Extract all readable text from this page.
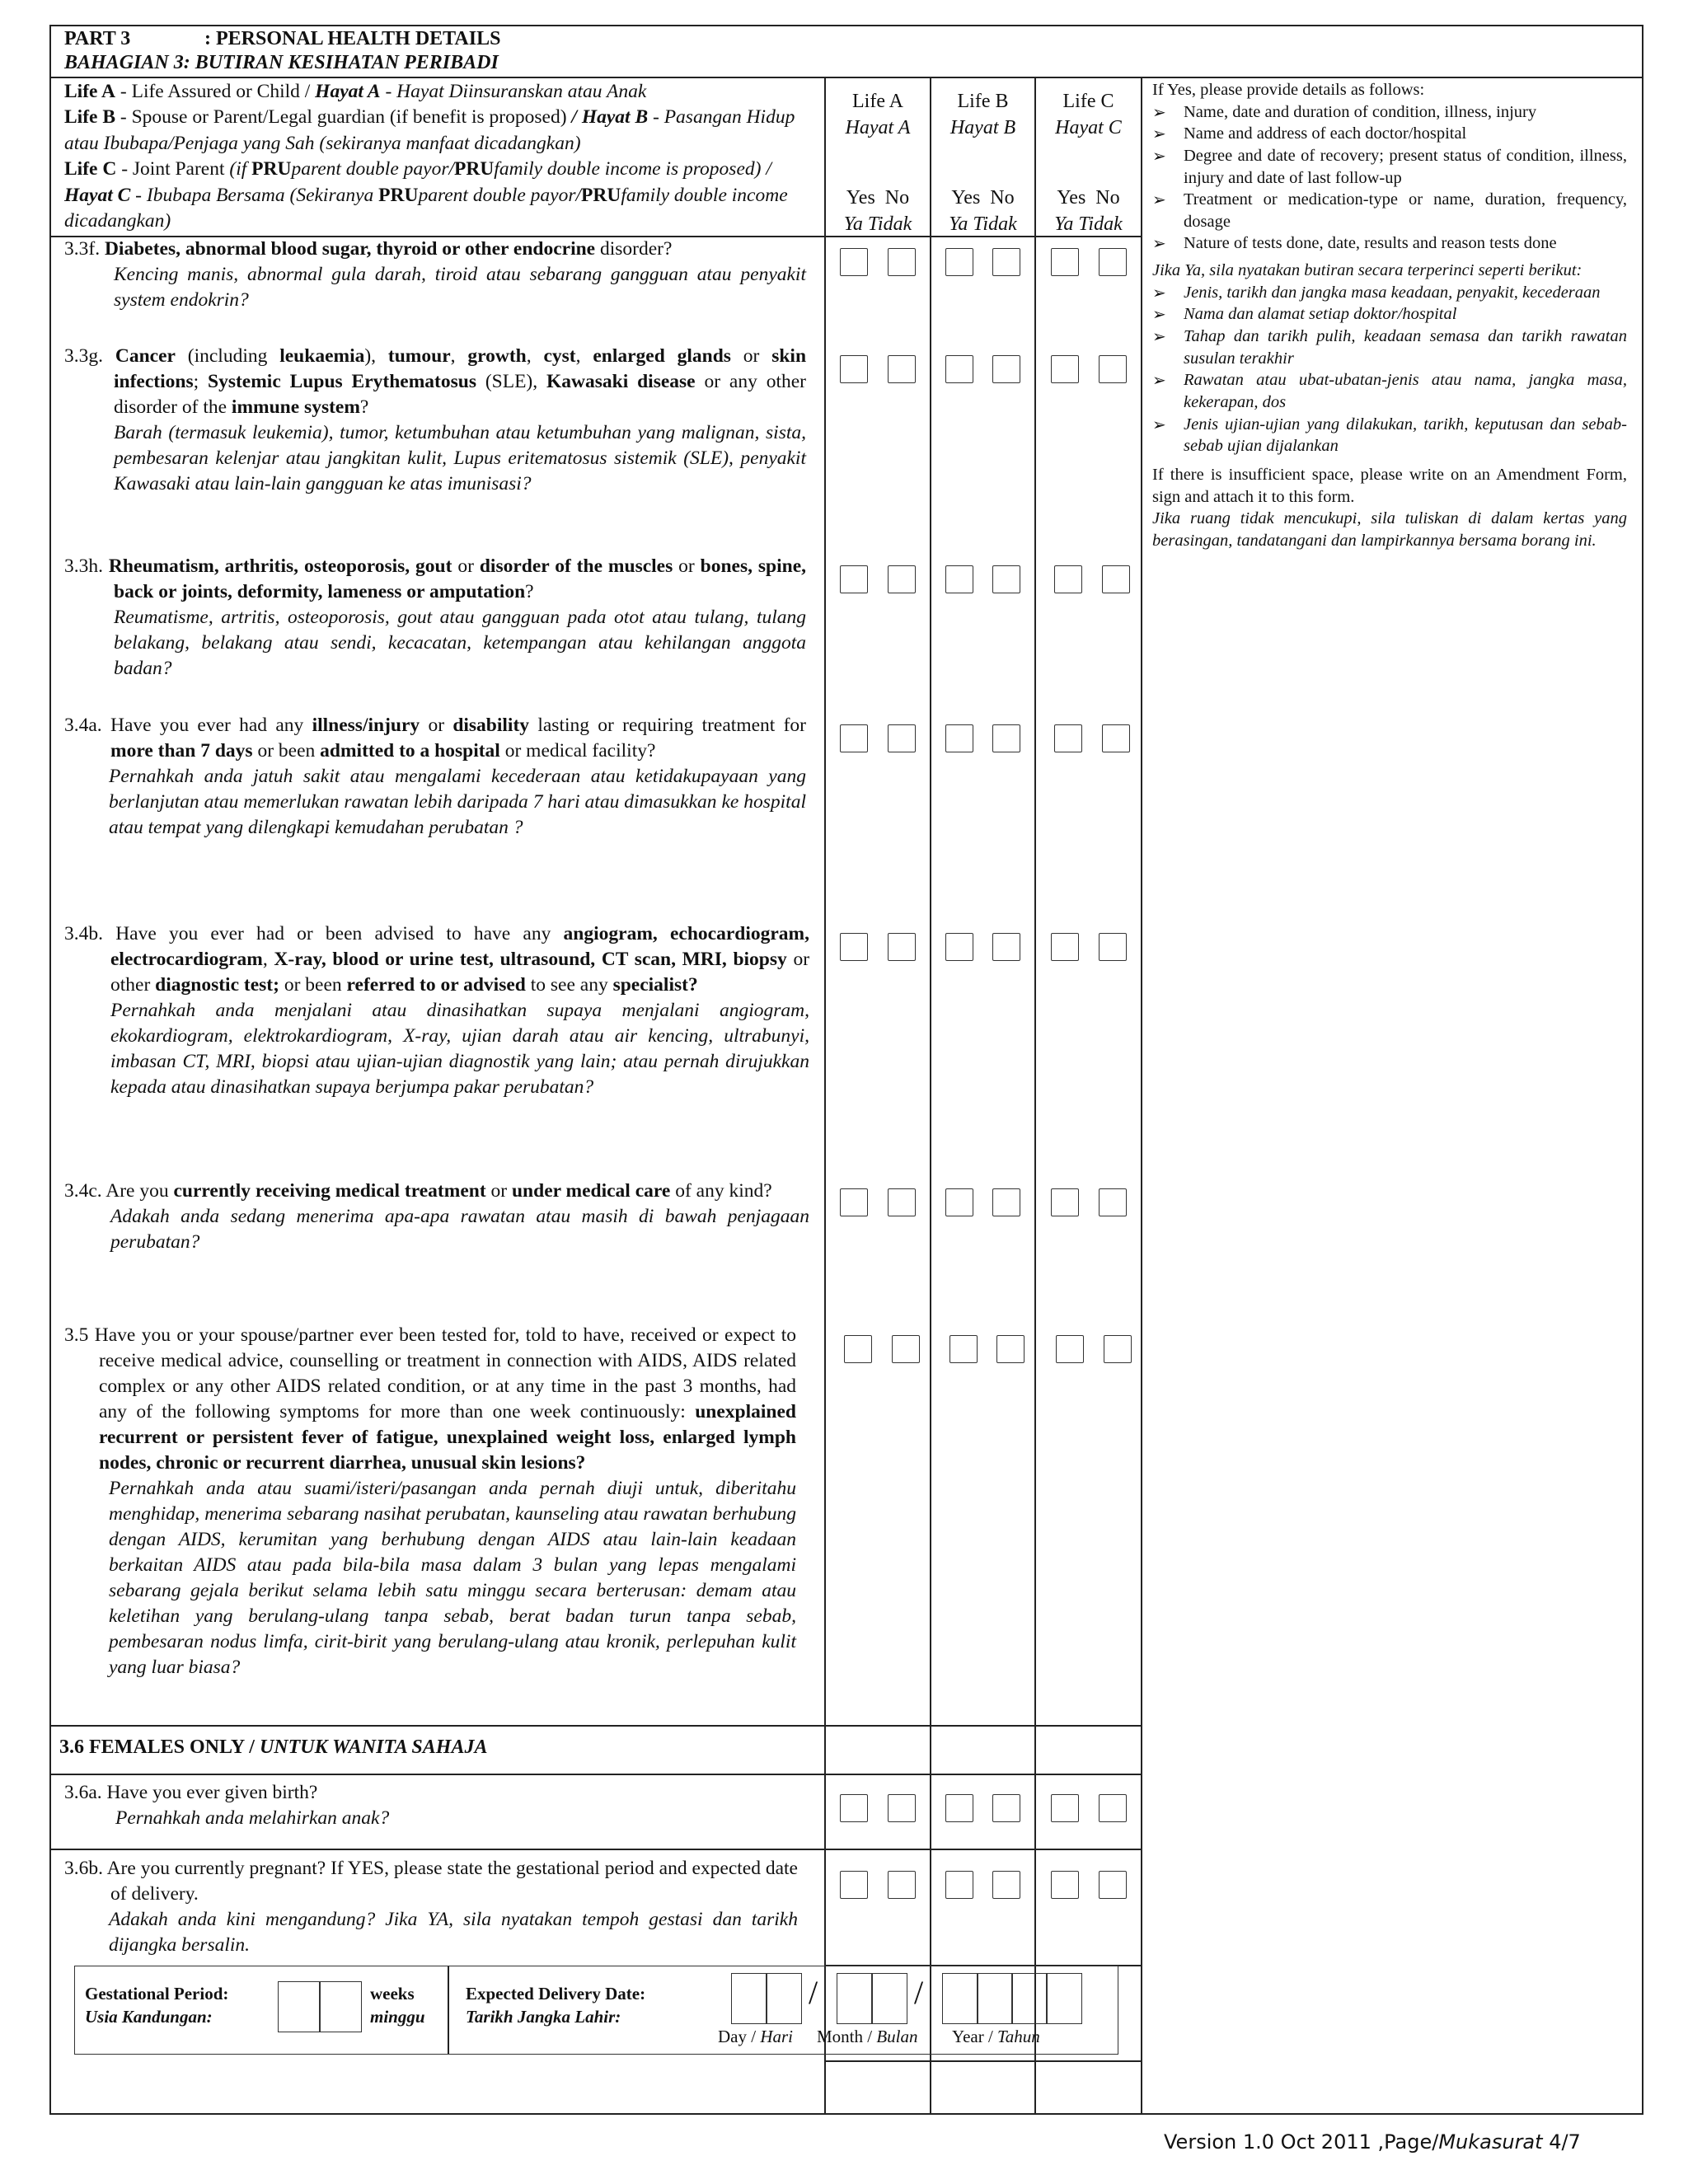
PART 3	: PERSONAL HEALTH DETAILS
BAHAGIAN 3: BUTIRAN KESIHATAN PERIBADI
Life A - Life Assured or Child / Hayat A - Hayat Diinsuranskan atau Anak
Life B - Spouse or Parent/Legal guardian (if benefit is proposed) / Hayat B - Pasangan Hidup atau Ibubapa/Penjaga yang Sah (sekiranya manfaat dicadangkan)
Life C - Joint Parent (if PRUparent double payor/PRUfamily double income is proposed) / Hayat C - Ibubapa Bersama (Sekiranya PRUparent double payor/PRUfamily double income dicadangkan)
Life A
Hayat A
Life B
Hayat B
Life C
Hayat C
Yes No
Ya Tidak
Yes No
Ya Tidak
Yes No
Ya Tidak
If Yes, please provide details as follows:
➢ Name, date and duration of condition, illness, injury
➢ Name and address of each doctor/hospital
➢ Degree and date of recovery; present status of condition, illness, injury and date of last follow-up
➢ Treatment or medication-type or name, duration, frequency, dosage
➢ Nature of tests done, date, results and reason tests done
Jika Ya, sila nyatakan butiran secara terperinci seperti berikut:
➢ Jenis, tarikh dan jangka masa keadaan, penyakit, kecederaan
➢ Nama dan alamat setiap doktor/hospital
➢ Tahap dan tarikh pulih, keadaan semasa dan tarikh rawatan susulan terakhir
➢ Rawatan atau ubat-ubatan-jenis atau nama, jangka masa, kekerapan, dos
➢ Jenis ujian-ujian yang dilakukan, tarikh, keputusan dan sebab-sebab ujian dijalankan
If there is insufficient space, please write on an Amendment Form, sign and attach it to this form.
Jika ruang tidak mencukupi, sila tuliskan di dalam kertas yang berasingan, tandatangani dan lampirkannya bersama borang ini.
3.3f. Diabetes, abnormal blood sugar, thyroid or other endocrine disorder?
Kencing manis, abnormal gula darah, tiroid atau sebarang gangguan atau penyakit system endokrin?
3.3g. Cancer (including leukaemia), tumour, growth, cyst, enlarged glands or skin infections; Systemic Lupus Erythematosus (SLE), Kawasaki disease or any other disorder of the immune system?
Barah (termasuk leukemia), tumor, ketumbuhan atau ketumbuhan yang malignan, sista, pembesaran kelenjar atau jangkitan kulit, Lupus eritematosus sistemik (SLE), penyakit Kawasaki atau lain-lain gangguan ke atas imunisasi?
3.3h. Rheumatism, arthritis, osteoporosis, gout or disorder of the muscles or bones, spine, back or joints, deformity, lameness or amputation?
Reumatisme, artritis, osteoporosis, gout atau gangguan pada otot atau tulang, tulang belakang, belakang atau sendi, kecacatan, ketempangan atau kehilangan anggota badan?
3.4a. Have you ever had any illness/injury or disability lasting or requiring treatment for more than 7 days or been admitted to a hospital or medical facility?
Pernahkah anda jatuh sakit atau mengalami kecederaan atau ketidakupayaan yang berlanjutan atau memerlukan rawatan lebih daripada 7 hari atau dimasukkan ke hospital atau tempat yang dilengkapi kemudahan perubatan ?
3.4b. Have you ever had or been advised to have any angiogram, echocardiogram, electrocardiogram, X-ray, blood or urine test, ultrasound, CT scan, MRI, biopsy or other diagnostic test; or been referred to or advised to see any specialist?
Pernahkah anda menjalani atau dinasihatkan supaya menjalani angiogram, ekokardiogram, elektrokardiogram, X-ray, ujian darah atau air kencing, ultrabunyi, imbasan CT, MRI, biopsi atau ujian-ujian diagnostik yang lain; atau pernah dirujukkan kepada atau dinasihatkan supaya berjumpa pakar perubatan?
3.4c. Are you currently receiving medical treatment or under medical care of any kind?
Adakah anda sedang menerima apa-apa rawatan atau masih di bawah penjagaan perubatan?
3.5 Have you or your spouse/partner ever been tested for, told to have, received or expect to receive medical advice, counselling or treatment in connection with AIDS, AIDS related complex or any other AIDS related condition, or at any time in the past 3 months, had any of the following symptoms for more than one week continuously: unexplained recurrent or persistent fever of fatigue, unexplained weight loss, enlarged lymph nodes, chronic or recurrent diarrhea, unusual skin lesions?
Pernahkah anda atau suami/isteri/pasangan anda pernah diuji untuk, diberitahu menghidap, menerima sebarang nasihat perubatan, kaunseling atau rawatan berhubung dengan AIDS, kerumitan yang berhubung dengan AIDS atau lain-lain keadaan berkaitan AIDS atau pada bila-bila masa dalam 3 bulan yang lepas mengalami sebarang gejala berikut selama lebih satu minggu secara berterusan: demam atau keletihan yang berulang-ulang tanpa sebab, berat badan turun tanpa sebab, pembesaran nodus limfa, cirit-birit yang berulang-ulang atau kronik, perlepuhan kulit yang luar biasa?
3.6 FEMALES ONLY / UNTUK WANITA SAHAJA
3.6a. Have you ever given birth?
Pernahkah anda melahirkan anak?
3.6b. Are you currently pregnant? If YES, please state the gestational period and expected date of delivery.
Adakah anda kini mengandung? Jika YA, sila nyatakan tempoh gestasi dan tarikh dijangka bersalin.
Gestational Period:
Usia Kandungan:
weeks
minggu
Expected Delivery Date:
Tarikh Jangka Lahir:
/	/
Day / Hari Month / Bulan Year / Tahun
Version 1.0 Oct 2011 ,Page/Mukasurat 4/7
